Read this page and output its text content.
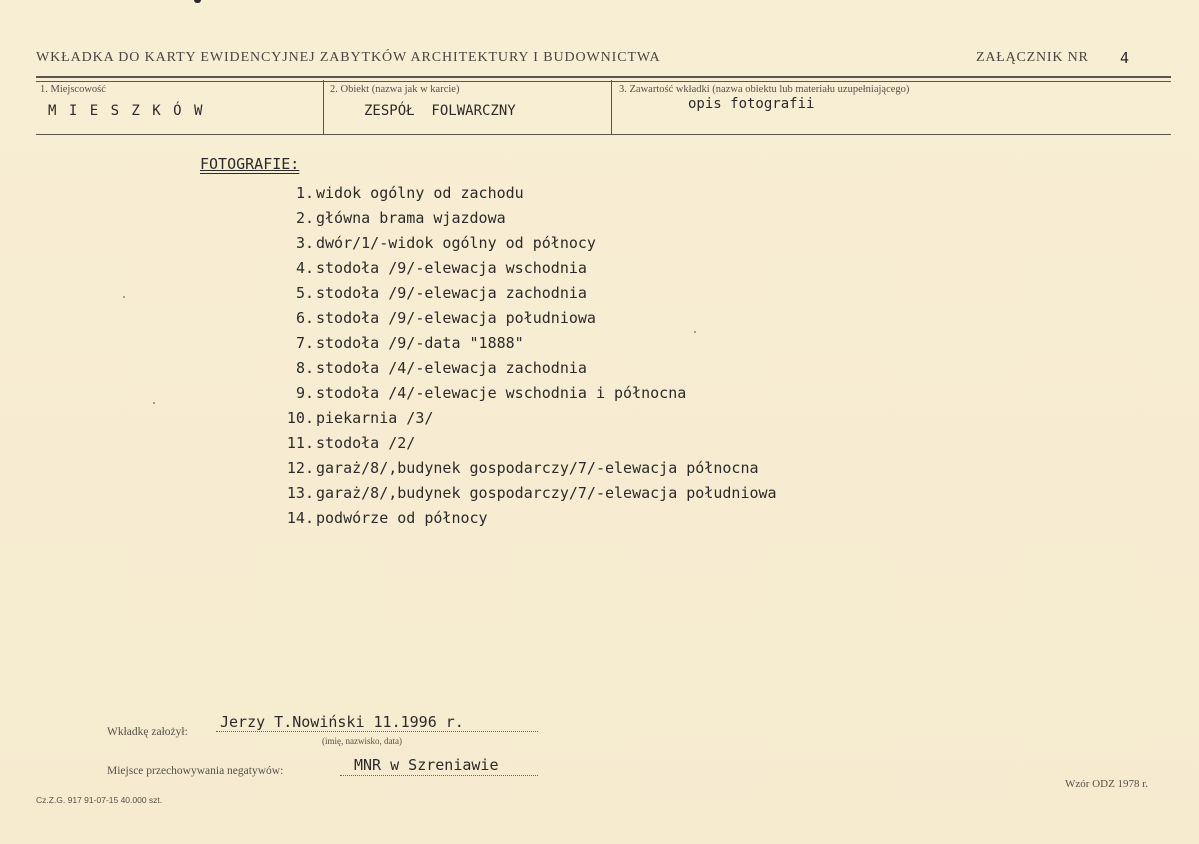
WKŁADKA DO KARTY EWIDENCYJNEJ ZABYTKÓW ARCHITEKTURY I BUDOWNICTWA	ZAŁĄCZNIK NR 4
1. Miejscowość
M I E S Z K Ó W
2. Obiekt (nazwa jak w karcie)
ZESPÓŁ  FOLWARCZNY
3. Zawartość wkładki (nazwa obiektu lub materiału uzupełniającego)
opis fotografii
FOTOGRAFIE:
1. widok ogólny od zachodu
2. główna brama wjazdowa
3. dwór/1/-widok ogólny od północy
4. stodoła /9/-elewacja wschodnia
5. stodoła /9/-elewacja zachodnia
6. stodoła /9/-elewacja południowa
7. stodoła /9/-data "1888"
8. stodoła /4/-elewacja zachodnia
9. stodoła /4/-elewacje wschodnia i północna
10. piekarnia /3/
11. stodoła /2/
12. garaż/8/,budynek gospodarczy/7/-elewacja północna
13. garaż/8/,budynek gospodarczy/7/-elewacja południowa
14. podwórze od północy
Wkładkę założył:
Jerzy T.Nowiński 11.1996 r.
(imię, nazwisko, data)
Miejsce przechowywania negatywów:	MNR w Szreniawie
Cz.Z.G. 917 91-07-15 40.000 szt.
Wzór ODZ 1978 r.
